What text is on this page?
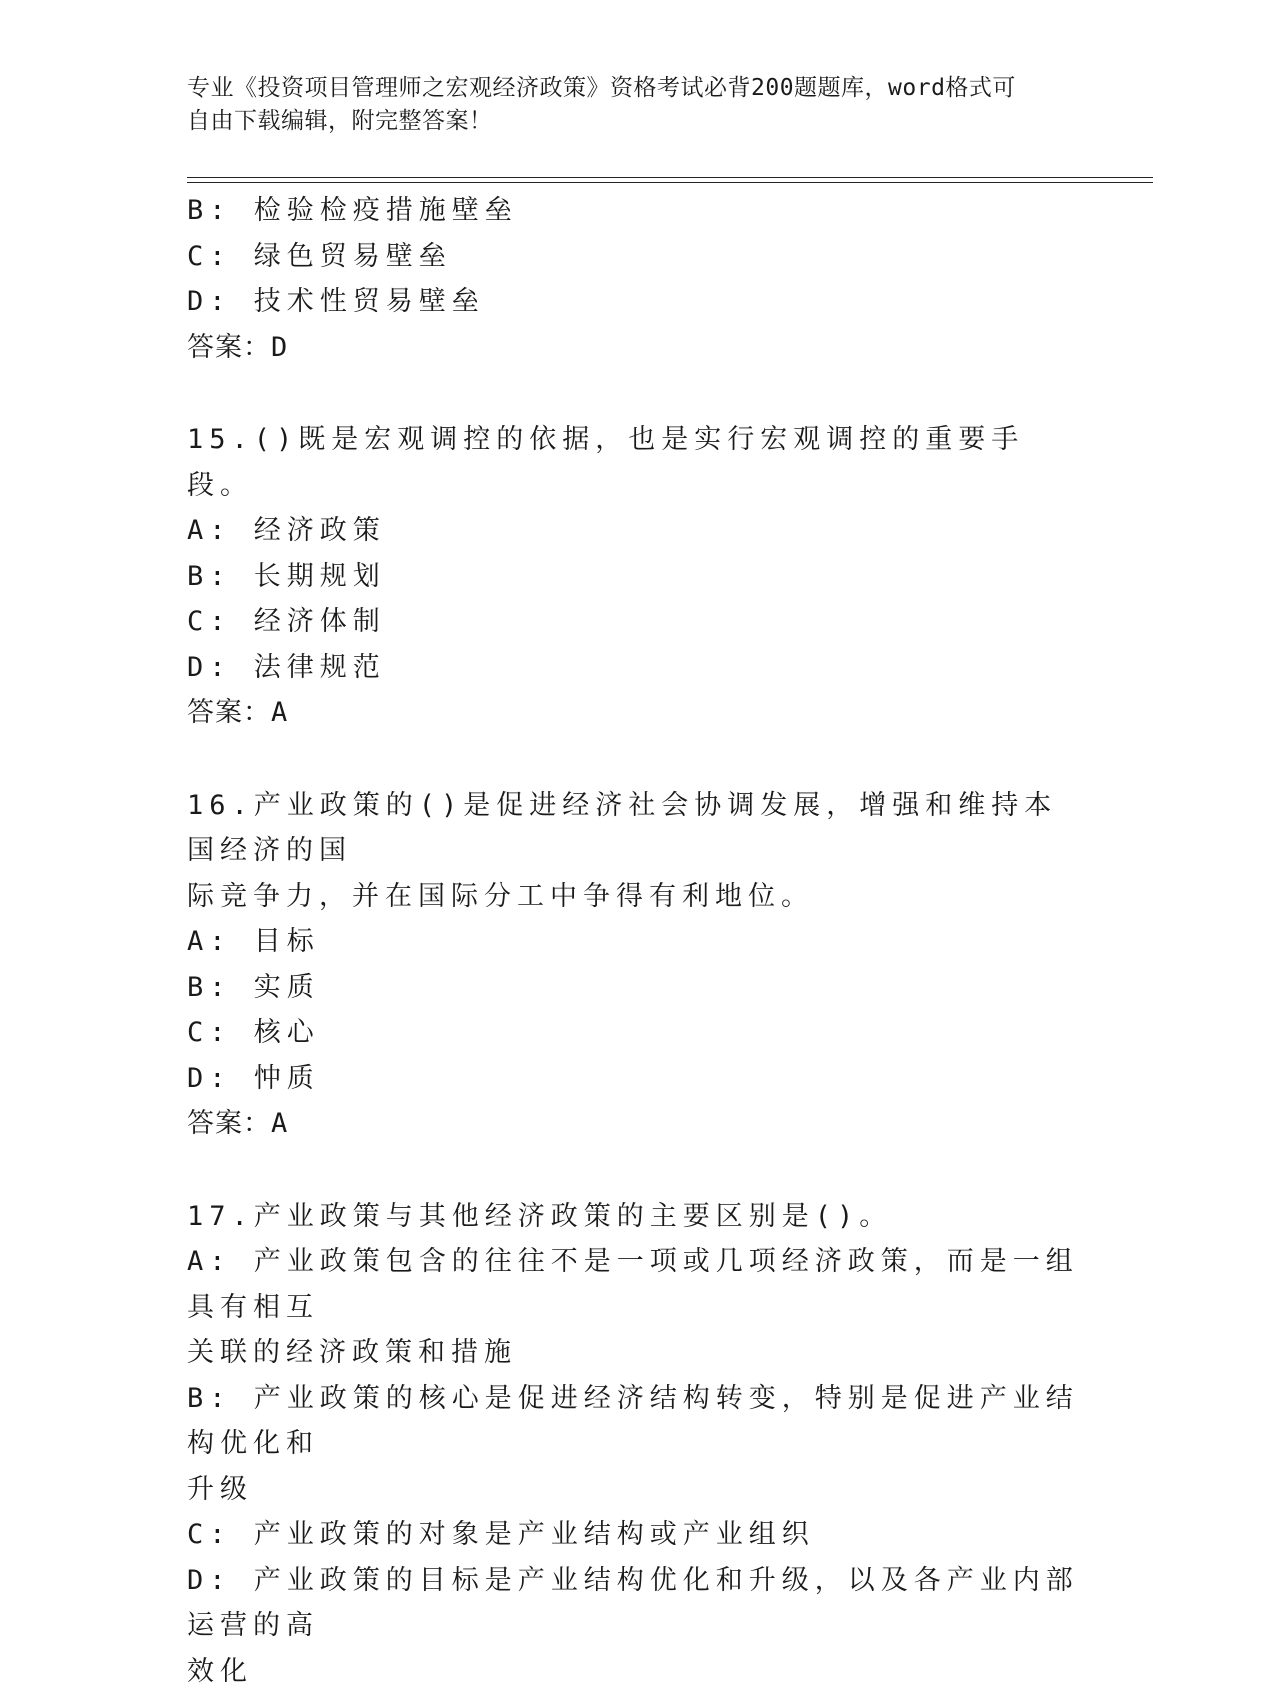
专业《投资项目管理师之宏观经济政策》资格考试必背200题题库，word格式可
自由下载编辑，附完整答案！

B: 检验检疫措施壁垒

C: 绿色贸易壁垒

D: 技术性贸易壁垒

答案：D

15.()既是宏观调控的依据，也是实行宏观调控的重要手段。

A: 经济政策

B: 长期规划

C: 经济体制

D: 法律规范

答案：A

16.产业政策的()是促进经济社会协调发展，增强和维持本国经济的国

际竞争力，并在国际分工中争得有利地位。

A: 目标

B: 实质

C: 核心

D: 忡质

答案：A

17.产业政策与其他经济政策的主要区别是()。

A: 产业政策包含的往往不是一项或几项经济政策，而是一组具有相互

关联的经济政策和措施

B: 产业政策的核心是促进经济结构转变，特别是促进产业结构优化和

升级

C: 产业政策的对象是产业结构或产业组织

D: 产业政策的目标是产业结构优化和升级，以及各产业内部运营的高

效化
